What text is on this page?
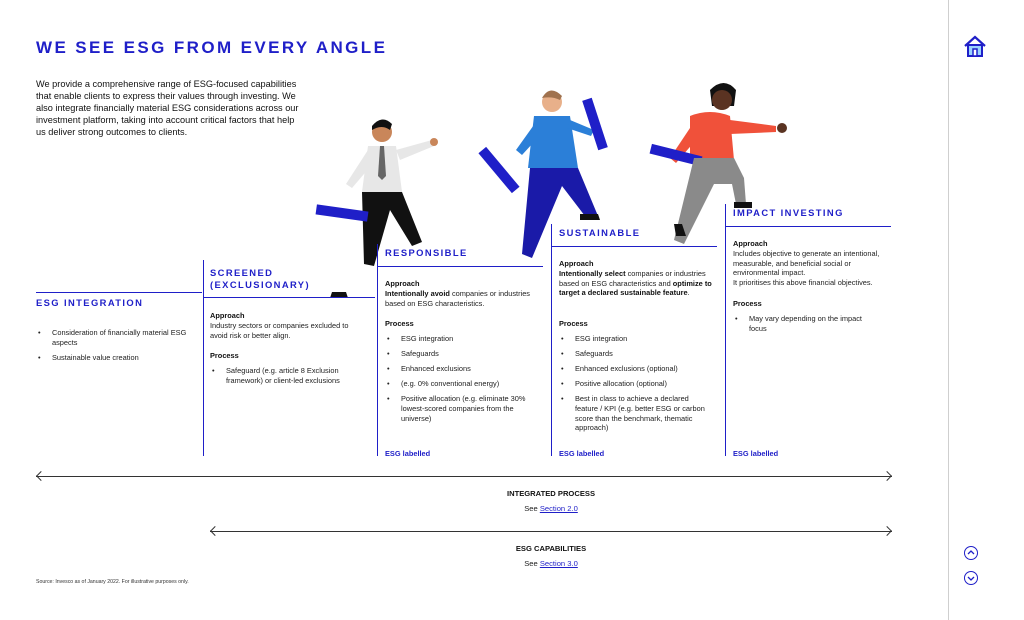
WE SEE ESG FROM EVERY ANGLE

We provide a comprehensive range of ESG-focused capabilities that enable clients to express their values through investing. We also integrate financially material ESG considerations across our investment platform, taking into account critical factors that help us deliver strong outcomes to clients.

ESG INTEGRATION
• Consideration of financially material ESG aspects
• Sustainable value creation
SCREENED
(EXCLUSIONARY)
Approach
Industry sectors or companies excluded to avoid risk or better align.
Process
• Safeguard (e.g. article 8 Exclusion framework) or client-led exclusions
RESPONSIBLE
Approach
Intentionally avoid companies or industries based on ESG characteristics.
Process
• ESG integration
• Safeguards
• Enhanced exclusions
• (e.g. 0% conventional energy)
• Positive allocation (e.g. eliminate 30% lowest-scored companies from the universe)
ESG labelled
SUSTAINABLE
Approach
Intentionally select companies or industries based on ESG characteristics and optimize to target a declared sustainable feature.
Process
• ESG integration
• Safeguards
• Enhanced exclusions (optional)
• Positive allocation (optional)
• Best in class to achieve a declared feature / KPI (e.g. better ESG or carbon score than the benchmark, thematic approach)
ESG labelled
IMPACT INVESTING
Approach
Includes objective to generate an intentional, measurable, and beneficial social or environmental impact.
It prioritises this above financial objectives.
Process
• May vary depending on the impact focus
ESG labelled
INTEGRATED PROCESS
See Section 2.0
ESG CAPABILITIES
See Section 3.0
Source: Invesco as of January 2022. For illustrative purposes only.
